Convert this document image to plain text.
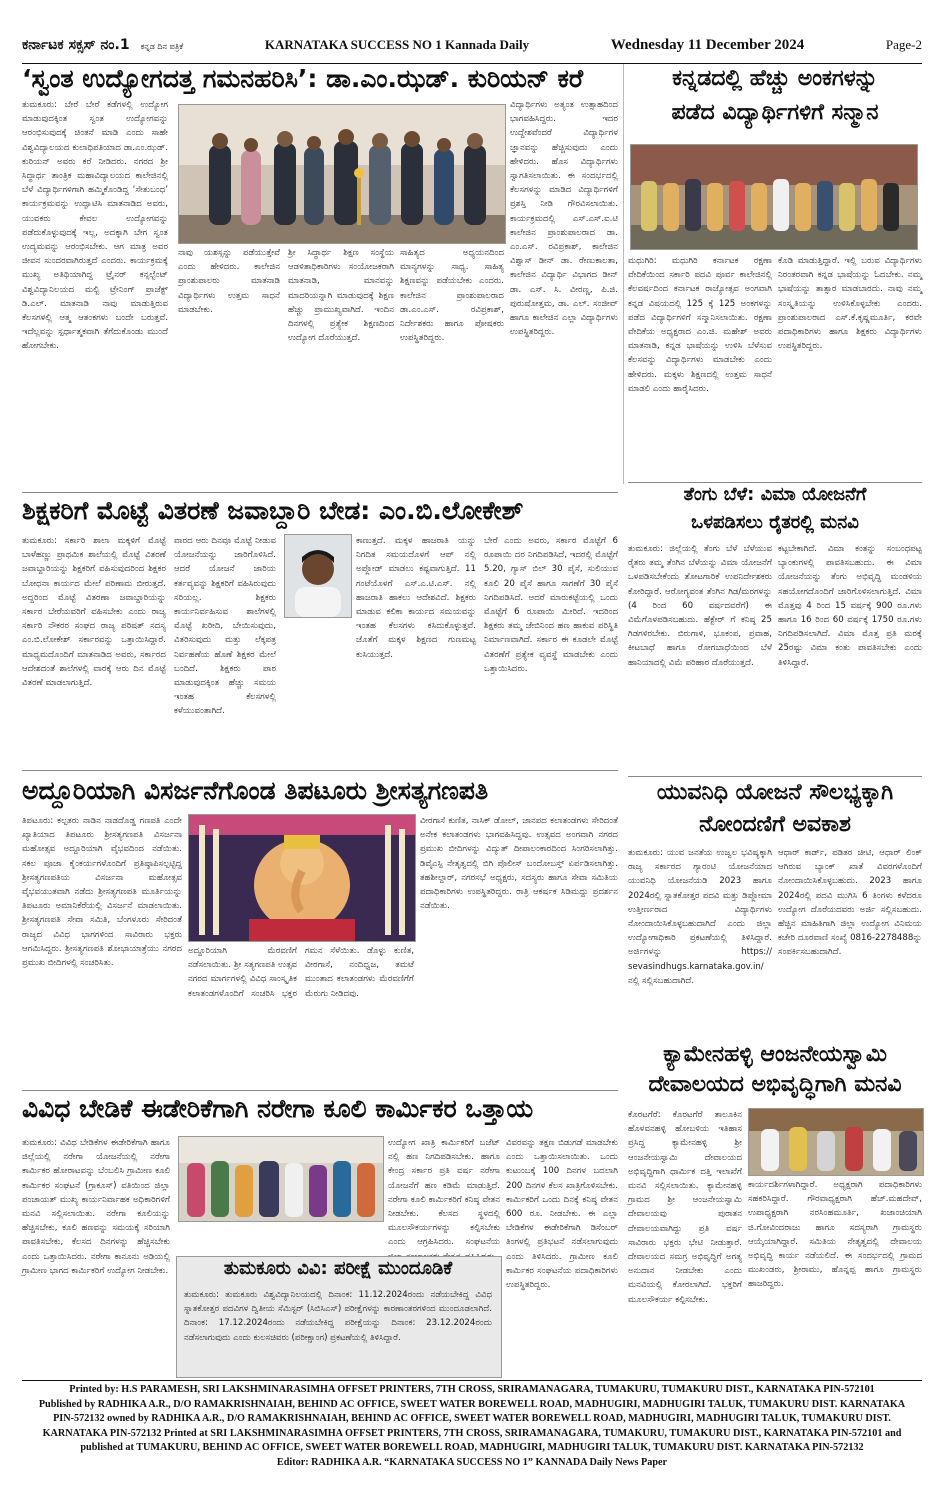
ಕರ್ನಾಟಕ ಸಕ್ಸಸ್ ನಂ.1 ಕನ್ನಡ ದಿನ ಪತ್ರಿಕೆ	KARNATAKA SUCCESS NO 1 Kannada Daily	Wednesday 11 December 2024	Page-2
‘ಸ್ವಂತ ಉದ್ಯೋಗದತ್ತ ಗಮನಹರಿಸಿ’: ಡಾ.ಎಂ.ಝಡ್. ಕುರಿಯನ್ ಕರೆ
ತುಮಕೂರು: ಬೇರೆ ಬೇರೆ ಕಡೆಗಳಲ್ಲಿ ಉದ್ಯೋಗ ಮಾಡುವುದಕ್ಕಿಂತ ಸ್ವಂತ ಉದ್ಯೋಗವನ್ನು ಆರಂಭಿಸುವುದಕ್ಕೆ ಚಿಂತನೆ ಮಾಡಿ ಎಂದು ಸಾಹೇ ವಿಶ್ವವಿದ್ಯಾಲಯದ ಕುಲಾಧಿಪತಿಯಾದ ಡಾ.ಎಂ.ಝಡ್. ಕುರಿಯನ್ ಅವರು ಕರೆ ನೀಡಿದರು. ನಗರದ ಶ್ರೀ ಸಿದ್ಧಾರ್ಥ ತಾಂತ್ರಿಕ ಮಹಾವಿದ್ಯಾಲಯದ ಕಾಲೇಜಿನಲ್ಲಿ ಬೆಳೆ ವಿದ್ಯಾರ್ಥಿಗಳಿಗಾಗಿ ಹಮ್ಮಿಕೊಂಡಿದ್ದ ‘ಸೇತುಬಂಧ’ ಕಾರ್ಯಕ್ರಮವನ್ನು ಉದ್ಘಾಟಿಸಿ ಮಾತನಾಡಿದ ಅವರು, ಯುವಕರು ಕೇವಲ ಉದ್ಯೋಗವನ್ನು ಪಡೆದುಕೊಳ್ಳುವುದಕ್ಕೆ ಇಲ್ಲ, ಅದಕ್ಕಾಗಿ ಬೇಗ ಸ್ವಂತ ಉದ್ಯಮವನ್ನು ಆರಂಭಿಸಬೇಕು. ಆಗ ಮಾತ್ರ ಅವರ ಜೀವನ ಸುಂದರವಾಗಿರುತ್ತದೆ ಎಂದರು. ಕಾರ್ಯಕ್ರಮಕ್ಕೆ ಮುಖ್ಯ ಅತಿಥಿಯಾಗಿದ್ದ ಟ್ರೈನರ್ ಕನ್ಸಲ್ಟೆಂಟ್ ವಿಶ್ವವಿದ್ಯಾನಿಲಯದ ಮಲ್ಟಿ ಟ್ರೇನಿಂಗ್ ಪ್ರಾಜೆಕ್ಟ್ ಡಿ.ಎಲ್. ಮಾತನಾಡಿ ನಾವು ಮಾಡುತ್ತಿರುವ ಕೆಲಸಗಳಲ್ಲಿ ಆತ್ಮ ಆತಂಕಗಳು ಬಂದೇ ಬರುತ್ತವೆ. ಇದೆಲ್ಲವನ್ನು ಸ್ಪರ್ಧಾತ್ಮಕವಾಗಿ ತೆಗೆದುಕೊಂಡು ಮುಂದೆ ಹೋಗಬೇಕು.
ನಾವು ಯಶಸ್ಸನ್ನು ಪಡೆಯುತ್ತೇವೆ ಎಂದು ಹೇಳಿದರು. ಕಾಲೇಜಿನ ಪ್ರಾಂಶುಪಾಲರು ಮಾತನಾಡಿ ವಿದ್ಯಾರ್ಥಿಗಳು ಉತ್ತಮ ಸಾಧನೆ ಮಾಡಬೇಕು.
ಶ್ರೀ ಸಿದ್ಧಾರ್ಥ ಶಿಕ್ಷಣ ಸಂಸ್ಥೆಯ ಆಡಳಿತಾಧಿಕಾರಿಗಳು ಸಂಯೋಜಕರಾಗಿ ಮಾತನಾಡಿ, ಮಾನವನ್ನು ಮಾದರಿಯನ್ನಾಗಿ ಮಾಡುವುದಕ್ಕೆ ಶಿಕ್ಷಣ ಹೆಚ್ಚು ಪ್ರಾಮುಖ್ಯವಾಗಿದೆ. ಇಂದಿನ ದಿನಗಳಲ್ಲಿ ಪ್ರತ್ಯೇಕ ಶಿಕ್ಷಣದಿಂದ ಉದ್ಯೋಗ ದೊರೆಯುತ್ತದೆ.
ಸಾಹಿತ್ಯದ ಅಧ್ಯಯನದಿಂದ ಮಾನ್ಯಗಳನ್ನು ಸಾಧ್ಯ. ಸಾಹಿತ್ಯ ಶಿಕ್ಷಣವನ್ನು ಪಡೆಯಬೇಕು ಎಂದರು. ಕಾಲೇಜಿನ ಪ್ರಾಂಶುಪಾಲರಾದ ಡಾ.ಎಂ.ಎಸ್. ರವಿಪ್ರಕಾಶ್, ನಿರ್ದೇಶಕರು ಹಾಗೂ ಪೋಷಕರು ಉಪಸ್ಥಿತರಿದ್ದರು.
ವಿದ್ಯಾರ್ಥಿಗಳು ಅತ್ಯಂತ ಉತ್ಸಾಹದಿಂದ ಭಾಗವಹಿಸಿದ್ದರು. ಇದರ ಉದ್ದೇಶವೆಂದರೆ ವಿದ್ಯಾರ್ಥಿಗಳ ಜ್ಞಾನವನ್ನು ಹೆಚ್ಚಿಸುವುದು ಎಂದು ಹೇಳಿದರು. ಹೊಸ ವಿದ್ಯಾರ್ಥಿಗಳು ಸ್ವಾಗತಿಸಲಾಯಿತು. ಈ ಸಂದರ್ಭದಲ್ಲಿ ಕೆಲಸಗಳನ್ನು ಮಾಡಿದ ವಿದ್ಯಾರ್ಥಿಗಳಿಗೆ ಪ್ರಶಸ್ತಿ ನೀಡಿ ಗೌರವಿಸಲಾಯಿತು. ಕಾರ್ಯಕ್ರಮದಲ್ಲಿ ಎಸ್.ಎಸ್.ಐ.ಟಿ ಕಾಲೇಜಿನ ಪ್ರಾಂಶುಪಾಲರಾದ ಡಾ. ಎಂ.ಎಸ್. ರವಿಪ್ರಕಾಶ್, ಕಾಲೇಜಿನ ವಿಶ್ವಾಸ್ ಡೀನ್ ಡಾ. ರೇಣುಕಾಲತಾ, ಕಾಲೇಜಿನ ವಿದ್ಯಾರ್ಥಿ ವಿಭಾಗದ ಡೀನ್ ಡಾ. ಎಸ್. ಸಿ. ವೀರಣ್ಣ, ಪಿ.ಜಿ. ಪುರುಷೋತ್ತಮ, ಡಾ. ಎಲ್. ಸಂಜೀವ್ ಹಾಗೂ ಕಾಲೇಜಿನ ಎಲ್ಲಾ ವಿದ್ಯಾರ್ಥಿಗಳು ಉಪಸ್ಥಿತರಿದ್ದರು.
ಕನ್ನಡದಲ್ಲಿ ಹೆಚ್ಚು ಅಂಕಗಳನ್ನು
ಪಡೆದ ವಿದ್ಯಾರ್ಥಿಗಳಿಗೆ ಸನ್ಮಾನ
ಮಧುಗಿರಿ: ಮಧುಗಿರಿ ಕರ್ನಾಟಕ ರಕ್ಷಣಾ ವೇದಿಕೆಯಿಂದ ಸರ್ಕಾರಿ ಪದವಿ ಪೂರ್ವ ಕಾಲೇಜಿನಲ್ಲಿ ಕೆಲವರ್ಷದಿಂದ ಕರ್ನಾಟಕ ರಾಜ್ಯೋತ್ಸವ ಅಂಗವಾಗಿ ಕನ್ನಡ ವಿಷಯದಲ್ಲಿ 125 ಕ್ಕೆ 125 ಅಂಕಗಳನ್ನು ಪಡೆದ ವಿದ್ಯಾರ್ಥಿಗಳಿಗೆ ಸನ್ಮಾನಿಸಲಾಯಿತು. ರಕ್ಷಣಾ ವೇದಿಕೆಯ ಅಧ್ಯಕ್ಷರಾದ ಎಂ.ಜಿ. ಮಹೇಶ್ ಅವರು ಮಾತನಾಡಿ, ಕನ್ನಡ ಭಾಷೆಯನ್ನು ಉಳಿಸಿ ಬೆಳೆಸುವ ಕೆಲಸವನ್ನು ವಿದ್ಯಾರ್ಥಿಗಳು ಮಾಡಬೇಕು ಎಂದು ಹೇಳಿದರು. ಮಕ್ಕಳು ಶಿಕ್ಷಣದಲ್ಲಿ ಉತ್ತಮ ಸಾಧನೆ ಮಾಡಲಿ ಎಂದು ಹಾರೈಸಿದರು.
ಕೊಡಿ ಮಾಡುತ್ತಿದ್ದಾರೆ. ಇಲ್ಲಿ ಬರುವ ವಿದ್ಯಾರ್ಥಿಗಳು ನಿರಂತರವಾಗಿ ಕನ್ನಡ ಭಾಷೆಯನ್ನು ಓದಬೇಕು. ನಮ್ಮ ಭಾಷೆಯನ್ನು ತಾತ್ಸಾರ ಮಾಡಬಾರದು. ನಾವು ನಮ್ಮ ಸಂಸ್ಕೃತಿಯನ್ನು ಉಳಿಸಿಕೊಳ್ಳಬೇಕು ಎಂದರು. ಪ್ರಾಂಶುಪಾಲರಾದ ಎಸ್.ಕೆ.ಕೃಷ್ಣಮೂರ್ತಿ, ಕರವೇ ಪದಾಧಿಕಾರಿಗಳು ಹಾಗೂ ಶಿಕ್ಷಕರು ವಿದ್ಯಾರ್ಥಿಗಳು ಉಪಸ್ಥಿತರಿದ್ದರು.
ಶಿಕ್ಷಕರಿಗೆ ಮೊಟ್ಟೆ ವಿತರಣೆ ಜವಾಬ್ದಾರಿ ಬೇಡ: ಎಂ.ಬಿ.ಲೋಕೇಶ್
ತುಮಕೂರು: ಸರ್ಕಾರಿ ಶಾಲಾ ಮಕ್ಕಳಿಗೆ ಮೊಟ್ಟೆ ಬಾಳೆಹಣ್ಣು ಪ್ರಾಥಮಿಕ ಶಾಲೆಯಲ್ಲಿ ಮೊಟ್ಟೆ ವಿತರಣೆ ಜವಾಬ್ದಾರಿಯನ್ನು ಶಿಕ್ಷಕರಿಗೆ ವಹಿಸುವುದರಿಂದ ಶಿಕ್ಷಕರ ಬೋಧನಾ ಕಾರ್ಯದ ಮೇಲೆ ಪರಿಣಾಮ ಬೀರುತ್ತದೆ. ಅದ್ದರಿಂದ ಮೊಟ್ಟೆ ವಿತರಣಾ ಜವಾಬ್ದಾರಿಯನ್ನು ಸರ್ಕಾರ ಬೇರೆಯವರಿಗೆ ವಹಿಸಬೇಕು ಎಂದು ರಾಜ್ಯ ಸರ್ಕಾರಿ ನೌಕರರ ಸಂಘದ ರಾಜ್ಯ ಪರಿಷತ್ ಸದಸ್ಯ ಎಂ.ಬಿ.ಲೋಕೇಶ್ ಸರ್ಕಾರವನ್ನು ಒತ್ತಾಯಿಸಿದ್ದಾರೆ. ಮಾಧ್ಯಮದೊಂದಿಗೆ ಮಾತನಾಡಿದ ಅವರು, ಸರ್ಕಾರದ ಆದೇಶದಂತೆ ಶಾಲೆಗಳಲ್ಲಿ ವಾರಕ್ಕೆ ಆರು ದಿನ ಮೊಟ್ಟೆ ವಿತರಣೆ ಮಾಡಲಾಗುತ್ತಿದೆ.
ವಾರದ ಆರು ದಿನವೂ ಮೊಟ್ಟೆ ನೀಡುವ ಯೋಜನೆಯನ್ನು ಜಾರಿಗೊಳಿಸಿದೆ. ಆದರೆ ಯೋಜನೆ ಜಾರಿಯ ಕರ್ತವ್ಯವನ್ನು ಶಿಕ್ಷಕರಿಗೆ ವಹಿಸಿರುವುದು ಸರಿಯಲ್ಲ. ಶಿಕ್ಷಕರು ಕಾರ್ಯನಿರ್ವಹಿಸುವ ಶಾಲೆಗಳಲ್ಲಿ ಮೊಟ್ಟೆ ಖರೀದಿ, ಬೇಯಿಸುವುದು, ವಿತರಿಸುವುದು ಮತ್ತು ಲೆಕ್ಕಪತ್ರ ನಿರ್ವಹಣೆಯ ಹೊಣೆ ಶಿಕ್ಷಕರ ಮೇಲೆ ಬಂದಿದೆ. ಶಿಕ್ಷಕರು ಪಾಠ ಮಾಡುವುದಕ್ಕಿಂತ ಹೆಚ್ಚು ಸಮಯ ಇಂತಹ ಕೆಲಸಗಳಲ್ಲಿ ಕಳೆಯುವಂತಾಗಿದೆ.
ಕಾಣುತ್ತದೆ. ಮಕ್ಕಳ ಹಾಜರಾತಿ ಯನ್ನು ನಿಗದಿತ ಸಮಯದೊಳಗೆ ಆಪ್ ನಲ್ಲಿ ಅಪ್ಲೋಡ್ ಮಾಡಲು ಕಷ್ಟವಾಗುತ್ತಿದೆ. 11 ಗಂಟೆಯೊಳಗೆ ಎಸ್.ಎ.ಟಿ.ಎಸ್. ನಲ್ಲಿ ಹಾಜರಾತಿ ಹಾಕಲು ಆದೇಶವಿದೆ. ಶಿಕ್ಷಕರು ಮಾಡುವ ಕಲಿಕಾ ಕಾರ್ಯದ ಸಮಯವನ್ನು ಇಂತಹ ಕೆಲಸಗಳು ಕಸಿದುಕೊಳ್ಳುತ್ತವೆ. ಜೊತೆಗೆ ಮಕ್ಕಳ ಶಿಕ್ಷಣದ ಗುಣಮಟ್ಟ ಕುಸಿಯುತ್ತದೆ.
ಬೇರೆ ಎಂದು ಅವರು, ಸರ್ಕಾರ ಮೊಟ್ಟೆಗೆ 6 ರೂಪಾಯಿ ದರ ನಿಗದಿಪಡಿಸಿದೆ, ಇದರಲ್ಲಿ ಮೊಟ್ಟೆಗೆ 5.20, ಗ್ಯಾಸ್ ಬಿಲ್ 30 ಪೈಸೆ, ಸುಲಿಯುವ ಕೂಲಿ 20 ಪೈಸೆ ಹಾಗೂ ಸಾಗಣೆಗೆ 30 ಪೈಸೆ ನಿಗದಿಪಡಿಸಿದೆ. ಆದರೆ ಮಾರುಕಟ್ಟೆಯಲ್ಲಿ ಒಂದು ಮೊಟ್ಟೆಗೆ 6 ರೂಪಾಯಿ ಮೀರಿದೆ. ಇದರಿಂದ ಶಿಕ್ಷಕರು ತಮ್ಮ ಜೇಬಿನಿಂದ ಹಣ ಹಾಕುವ ಪರಿಸ್ಥಿತಿ ನಿರ್ಮಾಣವಾಗಿದೆ. ಸರ್ಕಾರ ಈ ಕೂಡಲೇ ಮೊಟ್ಟೆ ವಿತರಣೆಗೆ ಪ್ರತ್ಯೇಕ ವ್ಯವಸ್ಥೆ ಮಾಡಬೇಕು ಎಂದು ಒತ್ತಾಯಿಸಿದರು.
ತೆಂಗು ಬೆಳೆ: ವಿಮಾ ಯೋಜನೆಗೆ
ಒಳಪಡಿಸಲು ರೈತರಲ್ಲಿ ಮನವಿ
ತುಮಕೂರು: ಜಿಲ್ಲೆಯಲ್ಲಿ ತೆಂಗು ಬೆಳೆ ಬೆಳೆಯುವ ರೈತರು ತಮ್ಮ ತೆಂಗಿನ ಬೆಳೆಯನ್ನು ವಿಮಾ ಯೋಜನೆಗೆ ಒಳಪಡಿಸಬೇಕೆಂದು ತೋಟಗಾರಿಕೆ ಉಪನಿರ್ದೇಶಕರು ಕೋರಿದ್ದಾರೆ. ಆರೋಗ್ಯವಂತ ತೆಂಗಿನ ಗಿಡ/ಮರಗಳನ್ನು (4 ರಿಂದ 60 ವರ್ಷದವರೆಗೆ) ಈ ವಿಮೆಗೊಳಪಡಿಸಬಹುದು. ಹೆಕ್ಟೇರ್ ಗೆ ಕನಿಷ್ಠ 25 ಗಿಡಗಳಿರಬೇಕು. ಬಿರುಗಾಳಿ, ಭೂಕಂಪ, ಪ್ರವಾಹ, ಕೀಟಬಾಧೆ ಹಾಗೂ ರೋಗಬಾಧೆಯಿಂದ ಬೆಳೆ ಹಾನಿಯಾದಲ್ಲಿ ವಿಮೆ ಪರಿಹಾರ ದೊರೆಯುತ್ತದೆ.
ಕಟ್ಟಬೇಕಾಗಿದೆ. ವಿಮಾ ಕಂತನ್ನು ಸಂಬಂಧಪಟ್ಟ ಬ್ಯಾಂಕುಗಳಲ್ಲಿ ಪಾವತಿಸಬಹುದು. ಈ ವಿಮಾ ಯೋಜನೆಯನ್ನು ತೆಂಗು ಅಭಿವೃದ್ಧಿ ಮಂಡಳಿಯ ಸಹಯೋಗದೊಂದಿಗೆ ಜಾರಿಗೊಳಿಸಲಾಗುತ್ತಿದೆ. ವಿಮಾ ಮೊತ್ತವು 4 ರಿಂದ 15 ವರ್ಷಕ್ಕೆ 900 ರೂ.ಗಳು ಹಾಗೂ 16 ರಿಂದ 60 ವರ್ಷಕ್ಕೆ 1750 ರೂ.ಗಳು ನಿಗದಿಪಡಿಸಲಾಗಿದೆ. ವಿಮಾ ಮೊತ್ತ ಪ್ರತಿ ಮರಕ್ಕೆ 25ರಷ್ಟು ವಿಮಾ ಕಂತು ಪಾವತಿಸಬೇಕು ಎಂದು ತಿಳಿಸಿದ್ದಾರೆ.
ಅದ್ದೂರಿಯಾಗಿ ವಿಸರ್ಜನೆಗೊಂಡ ತಿಪಟೂರು ಶ್ರೀಸತ್ಯಗಣಪತಿ
ತಿಪಟೂರು: ಕಲ್ಪತರು ನಾಡಿನ ನಾಡದೊಡ್ಡ ಗಣಪತಿ ಎಂದೇ ಖ್ಯಾತಿಯಾದ ತಿಪಟೂರು ಶ್ರೀಸತ್ಯಗಣಪತಿ ವಿಸರ್ಜನಾ ಮಹೋತ್ಸವ ಅದ್ದೂರಿಯಾಗಿ ವೈಭವದಿಂದ ನಡೆಯಿತು. ಸಕಲ ಪೂಜಾ ಕೈಂಕರ್ಯಗಳೊಂದಿಗೆ ಪ್ರತಿಷ್ಠಾಪಿಸಲ್ಪಟ್ಟಿದ್ದ ಶ್ರೀಸತ್ಯಗಣಪತಿಯ ವಿಸರ್ಜನಾ ಮಹೋತ್ಸವ ವೈಭವಯುತವಾಗಿ ನಡೆದು ಶ್ರೀಸತ್ಯಗಣಪತಿ ಮೂರ್ತಿಯನ್ನು ತಿಪಟೂರು ಅಮಾನಿಕೆರೆಯಲ್ಲಿ ವಿಸರ್ಜನೆ ಮಾಡಲಾಯಿತು. ಶ್ರೀಸತ್ಯಗಣಪತಿ ಸೇವಾ ಸಮಿತಿ, ಬೆಂಗಳೂರು ಸೇರಿದಂತೆ ರಾಜ್ಯದ ವಿವಿಧ ಭಾಗಗಳಿಂದ ಸಾವಿರಾರು ಭಕ್ತರು ಆಗಮಿಸಿದ್ದರು. ಶ್ರೀಸತ್ಯಗಣಪತಿ ಶೋಭಾಯಾತ್ರೆಯು ನಗರದ ಪ್ರಮುಖ ಬೀದಿಗಳಲ್ಲಿ ಸಂಚರಿಸಿತು.
ಅದ್ದೂರಿಯಾಗಿ ಮೆರವಣಿಗೆ ನಡೆಸಲಾಯಿತು. ಶ್ರೀ ಸತ್ಯಗಣಪತಿ ಉತ್ಸವ ನಗರದ ಮಾರ್ಗಗಳಲ್ಲಿ ವಿವಿಧ ಸಾಂಸ್ಕೃತಿಕ ಕಲಾತಂಡಗಳೊಂದಿಗೆ ಸಂಚರಿಸಿ ಭಕ್ತರ ಗಮನ ಸೆಳೆಯಿತು. ಡೊಳ್ಳು ಕುಣಿತ, ವೀರಗಾಸೆ, ನಂದಿಧ್ವಜ, ತಮಟೆ ಮುಂತಾದ ಕಲಾತಂಡಗಳು ಮೆರವಣಿಗೆಗೆ ಮೆರುಗು ನೀಡಿದವು.
ವೀರಗಾಸೆ ಕುಣಿತ, ನಾಸಿಕ್ ಡೋಲ್, ಜಾನಪದ ಕಲಾತಂಡಗಳು ಸೇರಿದಂತೆ ಅನೇಕ ಕಲಾತಂಡಗಳು ಭಾಗವಹಿಸಿದ್ದವು. ಉತ್ಸವದ ಅಂಗವಾಗಿ ನಗರದ ಪ್ರಮುಖ ಬೀದಿಗಳನ್ನು ವಿದ್ಯುತ್ ದೀಪಾಲಂಕಾರದಿಂದ ಸಿಂಗರಿಸಲಾಗಿತ್ತು. ಡಿವೈಎಸ್ಪಿ ನೇತೃತ್ವದಲ್ಲಿ ಬಿಗಿ ಪೊಲೀಸ್ ಬಂದೋಬಸ್ತ್ ಏರ್ಪಡಿಸಲಾಗಿತ್ತು. ತಹಶೀಲ್ದಾರ್, ನಗರಸಭೆ ಅಧ್ಯಕ್ಷರು, ಸದಸ್ಯರು ಹಾಗೂ ಸೇವಾ ಸಮಿತಿಯ ಪದಾಧಿಕಾರಿಗಳು ಉಪಸ್ಥಿತರಿದ್ದರು. ರಾತ್ರಿ ಆಕರ್ಷಕ ಸಿಡಿಮದ್ದು ಪ್ರದರ್ಶನ ನಡೆಯಿತು.
ಯುವನಿಧಿ ಯೋಜನೆ ಸೌಲಭ್ಯಕ್ಕಾಗಿ
ನೋಂದಣಿಗೆ ಅವಕಾಶ
ತುಮಕೂರು: ಯುವ ಜನತೆಯ ಉಜ್ವಲ ಭವಿಷ್ಯಕ್ಕಾಗಿ ರಾಜ್ಯ ಸರ್ಕಾರದ ಗ್ಯಾರಂಟಿ ಯೋಜನೆಯಾದ ಯುವನಿಧಿ ಯೋಜನೆಯಡಿ 2023 ಹಾಗೂ 2024ರಲ್ಲಿ ಸ್ನಾತಕೋತ್ತರ ಪದವಿ ಮತ್ತು ಡಿಪ್ಲೋಮಾ ಉತ್ತೀರ್ಣರಾದ ವಿದ್ಯಾರ್ಥಿಗಳು ನೋಂದಾಯಿಸಿಕೊಳ್ಳಬಹುದಾಗಿದೆ ಎಂದು ಜಿಲ್ಲಾ ಉದ್ಯೋಗಾಧಿಕಾರಿ ಪ್ರಕಟಣೆಯಲ್ಲಿ ತಿಳಿಸಿದ್ದಾರೆ. ಅರ್ಜಿಗಳನ್ನು https:// sevasindhugs.karnataka.gov.in/ ನಲ್ಲಿ ಸಲ್ಲಿಸಬಹುದಾಗಿದೆ.
ಆಧಾರ್ ಕಾರ್ಡ್, ಪಡಿತರ ಚೀಟಿ, ಆಧಾರ್ ಲಿಂಕ್ ಆಗಿರುವ ಬ್ಯಾಂಕ್ ಖಾತೆ ವಿವರಗಳೊಂದಿಗೆ ನೋಂದಾಯಿಸಿಕೊಳ್ಳಬಹುದು. 2023 ಹಾಗೂ 2024ರಲ್ಲಿ ಪದವಿ ಮುಗಿಸಿ 6 ತಿಂಗಳು ಕಳೆದರೂ ಉದ್ಯೋಗ ದೊರೆಯದವರು ಅರ್ಜಿ ಸಲ್ಲಿಸಬಹುದು. ಹೆಚ್ಚಿನ ಮಾಹಿತಿಗಾಗಿ ಜಿಲ್ಲಾ ಉದ್ಯೋಗ ವಿನಿಮಯ ಕಚೇರಿ ದೂರವಾಣಿ ಸಂಖ್ಯೆ 0816-2278488ನ್ನು ಸಂಪರ್ಕಿಸಬಹುದಾಗಿದೆ.
ಕ್ಯಾಮೇನಹಳ್ಳಿ ಆಂಜನೇಯಸ್ವಾಮಿ
ದೇವಾಲಯದ ಅಭಿವೃದ್ಧಿಗಾಗಿ ಮನವಿ
ಕೊರಟಗೆರೆ: ಕೊರಟಗೆರೆ ತಾಲೂಕಿನ ಹೊಳವನಹಳ್ಳಿ ಹೋಬಳಿಯ ಇತಿಹಾಸ ಪ್ರಸಿದ್ಧ ಕ್ಯಾಮೇನಹಳ್ಳಿ ಶ್ರೀ ಆಂಜನೇಯಸ್ವಾಮಿ ದೇವಾಲಯದ ಅಭಿವೃದ್ಧಿಗಾಗಿ ಧಾರ್ಮಿಕ ದತ್ತಿ ಇಲಾಖೆಗೆ ಮನವಿ ಸಲ್ಲಿಸಲಾಯಿತು. ಕ್ಯಾಮೇನಹಳ್ಳಿ ಗ್ರಾಮದ ಶ್ರೀ ಆಂಜನೇಯಸ್ವಾಮಿ ದೇವಾಲಯವು ಪುರಾತನ ದೇವಾಲಯವಾಗಿದ್ದು ಪ್ರತಿ ವರ್ಷ ಸಾವಿರಾರು ಭಕ್ತರು ಭೇಟಿ ನೀಡುತ್ತಾರೆ. ದೇವಾಲಯದ ಸಮಗ್ರ ಅಭಿವೃದ್ಧಿಗೆ ಅಗತ್ಯ ಅನುದಾನ ನೀಡಬೇಕು ಎಂದು ಮನವಿಯಲ್ಲಿ ಕೋರಲಾಗಿದೆ. ಭಕ್ತರಿಗೆ ಮೂಲಸೌಕರ್ಯ ಕಲ್ಪಿಸಬೇಕು.
ಕಾರ್ಯದರ್ಶಿಗಳಾಗಿದ್ದಾರೆ. ಅಧ್ಯಕ್ಷರಾಗಿ ಪದಾಧಿಕಾರಿಗಳು ಸಹಕರಿಸಿದ್ದಾರೆ. ಗೌರವಾಧ್ಯಕ್ಷರಾಗಿ ಹೆಚ್.ಮಹದೇವ್, ಉಪಾಧ್ಯಕ್ಷರಾಗಿ ನರಸಿಂಹಮೂರ್ತಿ, ಖಜಾಂಚಿಯಾಗಿ ಜಿ.ಗೋವಿಂದರಾಜು ಹಾಗೂ ಸದಸ್ಯರಾಗಿ ಗ್ರಾಮಸ್ಥರು ಆಯ್ಕೆಯಾಗಿದ್ದಾರೆ. ಸಮಿತಿಯ ನೇತೃತ್ವದಲ್ಲಿ ದೇವಾಲಯ ಅಭಿವೃದ್ಧಿ ಕಾರ್ಯ ನಡೆಯಲಿದೆ. ಈ ಸಂದರ್ಭದಲ್ಲಿ ಗ್ರಾಮದ ಮುಖಂಡರು, ಶ್ರೀರಾಮು, ಹೊನ್ನಪ್ಪ ಹಾಗೂ ಗ್ರಾಮಸ್ಥರು ಹಾಜರಿದ್ದರು.
ವಿವಿಧ ಬೇಡಿಕೆ ಈಡೇರಿಕೆಗಾಗಿ ನರೇಗಾ ಕೂಲಿ ಕಾರ್ಮಿಕರ ಒತ್ತಾಯ
ತುಮಕೂರು: ವಿವಿಧ ಬೇಡಿಕೆಗಳ ಈಡೇರಿಕೆಗಾಗಿ ಹಾಗೂ ಜಿಲ್ಲೆಯಲ್ಲಿ ನರೇಗಾ ಯೋಜನೆಯಲ್ಲಿ ನರೇಗಾ ಕಾರ್ಮಿಕರ ಹೋರಾಟವನ್ನು ಬೆಂಬಲಿಸಿ ಗ್ರಾಮೀಣ ಕೂಲಿ ಕಾರ್ಮಿಕರ ಸಂಘಟನೆ (ಗ್ರಾಕೂಸ್) ವತಿಯಿಂದ ಜಿಲ್ಲಾ ಪಂಚಾಯತ್ ಮುಖ್ಯ ಕಾರ್ಯನಿರ್ವಾಹಕ ಅಧಿಕಾರಿಗಳಿಗೆ ಮನವಿ ಸಲ್ಲಿಸಲಾಯಿತು. ನರೇಗಾ ಕೂಲಿಯನ್ನು ಹೆಚ್ಚಿಸಬೇಕು, ಕೂಲಿ ಹಣವನ್ನು ಸಮಯಕ್ಕೆ ಸರಿಯಾಗಿ ಪಾವತಿಸಬೇಕು, ಕೆಲಸದ ದಿನಗಳನ್ನು ಹೆಚ್ಚಿಸಬೇಕು ಎಂದು ಒತ್ತಾಯಿಸಿದರು. ನರೇಗಾ ಕಾನೂನು ಅಡಿಯಲ್ಲಿ ಗ್ರಾಮೀಣ ಭಾಗದ ಕಾರ್ಮಿಕರಿಗೆ ಉದ್ಯೋಗ ನೀಡಬೇಕು.
ಉದ್ಯೋಗ ಖಾತ್ರಿ ಕಾರ್ಮಿಕರಿಗೆ ಬಜೆಟ್ ನಲ್ಲಿ ಹಣ ನಿಗದಿಪಡಿಸಬೇಕು. ಹಾಗೂ ಕೇಂದ್ರ ಸರ್ಕಾರ ಪ್ರತಿ ವರ್ಷ ನರೇಗಾ ಯೋಜನೆಗೆ ಹಣ ಕಡಿಮೆ ಮಾಡುತ್ತಿದೆ. ನರೇಗಾ ಕೂಲಿ ಕಾರ್ಮಿಕರಿಗೆ ಕನಿಷ್ಠ ವೇತನ ನೀಡಬೇಕು. ಕೆಲಸದ ಸ್ಥಳದಲ್ಲಿ ಮೂಲಸೌಕರ್ಯಗಳನ್ನು ಕಲ್ಪಿಸಬೇಕು ಎಂದು ಆಗ್ರಹಿಸಿದರು. ಸಂಘಟನೆಯ
ವಿವರವನ್ನು ತಕ್ಷಣ ಬಿಡುಗಡೆ ಮಾಡಬೇಕು ಎಂದು ಒತ್ತಾಯಿಸಲಾಯಿತು. ಒಂದು ಕುಟುಂಬಕ್ಕೆ 100 ದಿನಗಳ ಬದಲಾಗಿ 200 ದಿನಗಳ ಕೆಲಸ ಖಾತ್ರಿಗೊಳಿಸಬೇಕು. ಕಾರ್ಮಿಕರಿಗೆ ಒಂದು ದಿನಕ್ಕೆ ಕನಿಷ್ಠ ವೇತನ 600 ರೂ. ನೀಡಬೇಕು. ಈ ಎಲ್ಲಾ ಬೇಡಿಕೆಗಳ ಈಡೇರಿಕೆಗಾಗಿ ಡಿಸೆಂಬರ್ ತಿಂಗಳಲ್ಲಿ ಪ್ರತಿಭಟನೆ ನಡೆಸಲಾಗುವುದು ಎಂದು ತಿಳಿಸಿದರು. ಗ್ರಾಮೀಣ ಕೂಲಿ ಕಾರ್ಮಿಕರ ಸಂಘಟನೆಯ ಪದಾಧಿಕಾರಿಗಳು ಉಪಸ್ಥಿತರಿದ್ದರು.
ತುಮಕೂರು ವಿವಿ: ಪರೀಕ್ಷೆ ಮುಂದೂಡಿಕೆ
ತುಮಕೂರು: ತುಮಕೂರು ವಿಶ್ವವಿದ್ಯಾನಿಲಯದಲ್ಲಿ ದಿನಾಂಕ: 11.12.2024ರಂದು ನಡೆಯಬೇಕಿದ್ದ ವಿವಿಧ ಸ್ನಾತಕೋತ್ತರ ಪದವಿಗಳ ದ್ವಿತೀಯ ಸೆಮಿಸ್ಟರ್ (ಸಿಬಿಸಿಎಸ್) ಪರೀಕ್ಷೆಗಳನ್ನು ಕಾರಣಾಂತರಗಳಿಂದ ಮುಂದೂಡಲಾಗಿದೆ. ದಿನಾಂಕ: 17.12.2024ರಂದು ನಡೆಯಬೇಕಿದ್ದ ಪರೀಕ್ಷೆಯನ್ನು ದಿನಾಂಕ: 23.12.2024ರಂದು ನಡೆಸಲಾಗುವುದು ಎಂದು ಕುಲಸಚಿವರು (ಪರೀಕ್ಷಾಂಗ) ಪ್ರಕಟಣೆಯಲ್ಲಿ ತಿಳಿಸಿದ್ದಾರೆ.
Printed by: H.S PARAMESH, SRI LAKSHMINARASIMHA OFFSET PRINTERS, 7TH CROSS, SRIRAMANAGARA, TUMAKURU, TUMAKURU DIST., KARNATAKA PIN-572101
Published by RADHIKA A.R., D/O RAMAKRISHNAIAH, BEHIND AC OFFICE, SWEET WATER BOREWELL ROAD, MADHUGIRI, MADHUGIRI TALUK, TUMAKURU DIST. KARNATAKA
PIN-572132 owned by RADHIKA A.R., D/O RAMAKRISHNAIAH, BEHIND AC OFFICE, SWEET WATER BOREWELL ROAD, MADHUGIRI, MADHUGIRI TALUK, TUMAKURU DIST.
KARNATAKA PIN-572132 Printed at SRI LAKSHMINARASIMHA OFFSET PRINTERS, 7TH CROSS, SRIRAMANAGARA, TUMAKURU, TUMAKURU DIST., KARNATAKA PIN-572101 and
published at TUMAKURU, BEHIND AC OFFICE, SWEET WATER BOREWELL ROAD, MADHUGIRI, MADHUGIRI TALUK, TUMAKURU DIST. KARNATAKA PIN-572132
Editor: RADHIKA A.R. “KARNATAKA SUCCESS NO 1” KANNADA Daily News Paper
